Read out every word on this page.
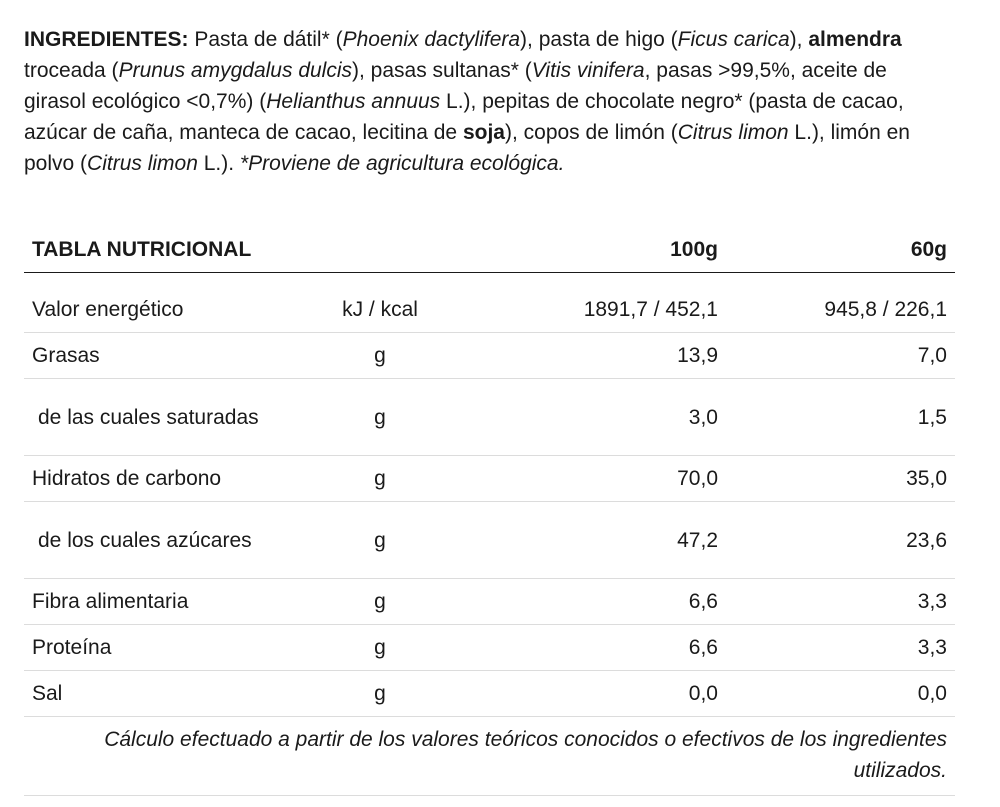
INGREDIENTES: Pasta de dátil* (Phoenix dactylifera), pasta de higo (Ficus carica), almendra troceada (Prunus amygdalus dulcis), pasas sultanas* (Vitis vinifera, pasas >99,5%, aceite de girasol ecológico <0,7%) (Helianthus annuus L.), pepitas de chocolate negro* (pasta de cacao, azúcar de caña, manteca de cacao, lecitina de soja), copos de limón (Citrus limon L.), limón en polvo (Citrus limon L.). *Proviene de agricultura ecológica.

TABLA NUTRICIONAL		100g	60g

Valor energético	kJ / kcal	1891,7 / 452,1	945,8 / 226,1
Grasas	g	13,9	7,0
de las cuales saturadas	g	3,0	1,5
Hidratos de carbono	g	70,0	35,0
de los cuales azúcares	g	47,2	23,6
Fibra alimentaria	g	6,6	3,3
Proteína	g	6,6	3,3
Sal	g	0,0	0,0
Cálculo efectuado a partir de los valores teóricos conocidos o efectivos de los ingredientes utilizados.			
